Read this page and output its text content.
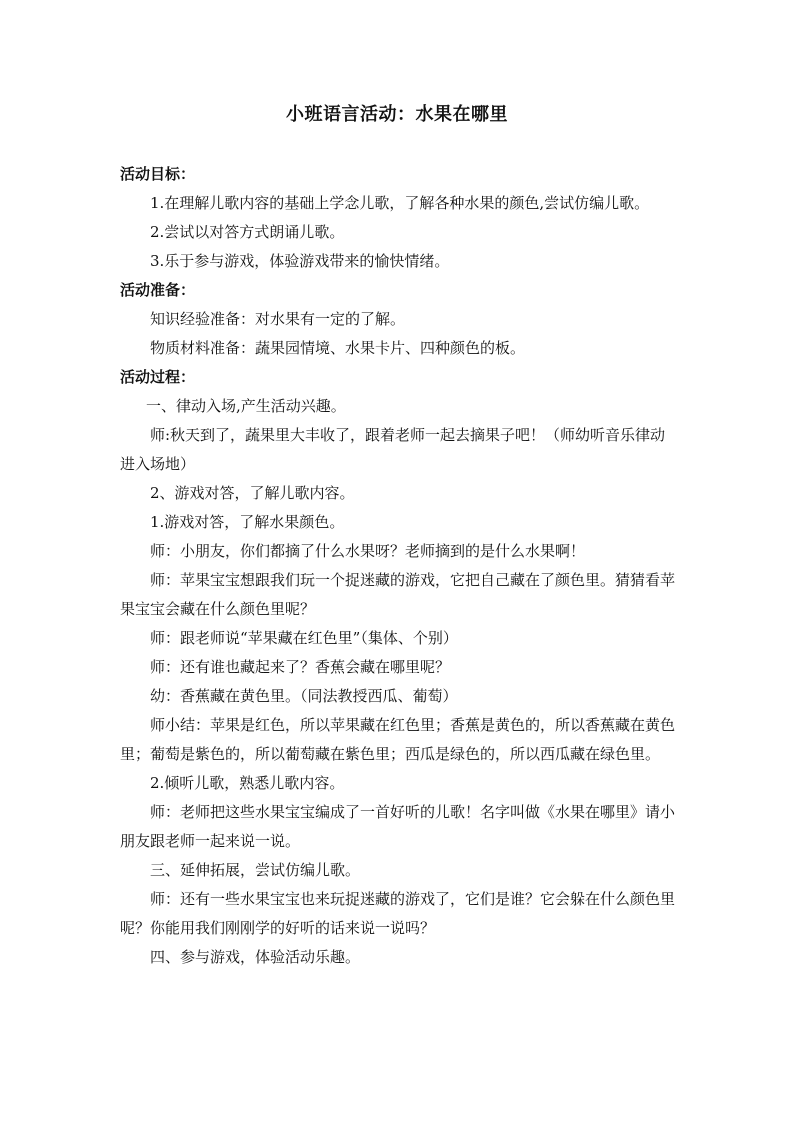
小班语言活动：水果在哪里
活动目标：

1.在理解儿歌内容的基础上学念儿歌，了解各种水果的颜色,尝试仿编儿歌。

2.尝试以对答方式朗诵儿歌。

3.乐于参与游戏，体验游戏带来的愉快情绪。

活动准备：

知识经验准备：对水果有一定的了解。

物质材料准备：蔬果园情境、水果卡片、四种颜色的板。

活动过程：

一、律动入场,产生活动兴趣。

师:秋天到了，蔬果里大丰收了，跟着老师一起去摘果子吧！（师幼听音乐律动进入场地）

2、游戏对答，了解儿歌内容。

1.游戏对答，了解水果颜色。

师：小朋友，你们都摘了什么水果呀？老师摘到的是什么水果啊！

师：苹果宝宝想跟我们玩一个捉迷藏的游戏，它把自己藏在了颜色里。猜猜看苹果宝宝会藏在什么颜色里呢？

师：跟老师说“苹果藏在红色里”（集体、个别）

师：还有谁也藏起来了？香蕉会藏在哪里呢？

幼：香蕉藏在黄色里。（同法教授西瓜、葡萄）

师小结：苹果是红色，所以苹果藏在红色里；香蕉是黄色的，所以香蕉藏在黄色里；葡萄是紫色的，所以葡萄藏在紫色里；西瓜是绿色的，所以西瓜藏在绿色里。

2.倾听儿歌，熟悉儿歌内容。

师：老师把这些水果宝宝编成了一首好听的儿歌！名字叫做《水果在哪里》请小朋友跟老师一起来说一说。

三、延伸拓展，尝试仿编儿歌。

师：还有一些水果宝宝也来玩捉迷藏的游戏了，它们是谁？它会躲在什么颜色里呢？你能用我们刚刚学的好听的话来说一说吗？

四、参与游戏，体验活动乐趣。
